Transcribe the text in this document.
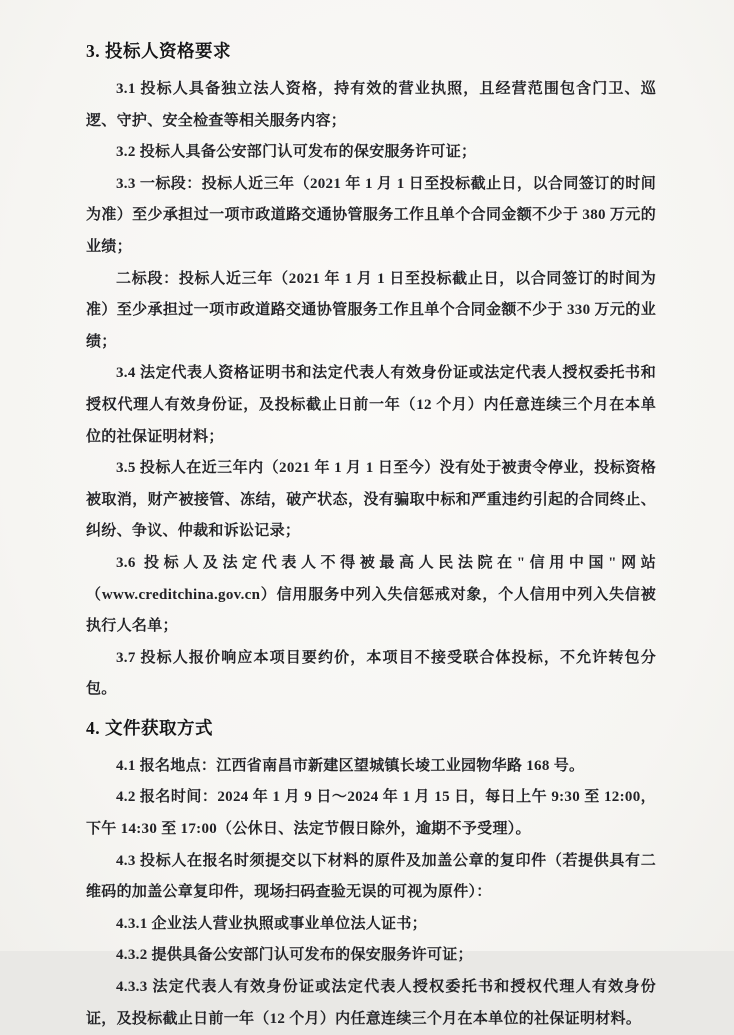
3. 投标人资格要求

3.1 投标人具备独立法人资格，持有效的营业执照，且经营范围包含门卫、巡逻、守护、安全检查等相关服务内容；

3.2 投标人具备公安部门认可发布的保安服务许可证；

3.3 一标段：投标人近三年（2021 年 1 月 1 日至投标截止日，以合同签订的时间为准）至少承担过一项市政道路交通协管服务工作且单个合同金额不少于 380 万元的业绩；

二标段：投标人近三年（2021 年 1 月 1 日至投标截止日，以合同签订的时间为准）至少承担过一项市政道路交通协管服务工作且单个合同金额不少于 330 万元的业绩；

3.4 法定代表人资格证明书和法定代表人有效身份证或法定代表人授权委托书和授权代理人有效身份证，及投标截止日前一年（12 个月）内任意连续三个月在本单位的社保证明材料；

3.5 投标人在近三年内（2021 年 1 月 1 日至今）没有处于被责令停业，投标资格被取消，财产被接管、冻结，破产状态，没有骗取中标和严重违约引起的合同终止、纠纷、争议、仲裁和诉讼记录；

3.6 投标人及法定代表人不得被最高人民法院在"信用中国"网站（www.creditchina.gov.cn）信用服务中列入失信惩戒对象，个人信用中列入失信被执行人名单；

3.7 投标人报价响应本项目要约价，本项目不接受联合体投标，不允许转包分包。

4. 文件获取方式

4.1 报名地点：江西省南昌市新建区望城镇长堎工业园物华路 168 号。

4.2 报名时间：2024 年 1 月 9 日～2024 年 1 月 15 日，每日上午 9:30 至 12:00，下午 14:30 至 17:00（公休日、法定节假日除外，逾期不予受理）。

4.3 投标人在报名时须提交以下材料的原件及加盖公章的复印件（若提供具有二维码的加盖公章复印件，现场扫码查验无误的可视为原件）：

4.3.1 企业法人营业执照或事业单位法人证书；

4.3.2 提供具备公安部门认可发布的保安服务许可证；

4.3.3 法定代表人有效身份证或法定代表人授权委托书和授权代理人有效身份证，及投标截止日前一年（12 个月）内任意连续三个月在本单位的社保证明材料。
